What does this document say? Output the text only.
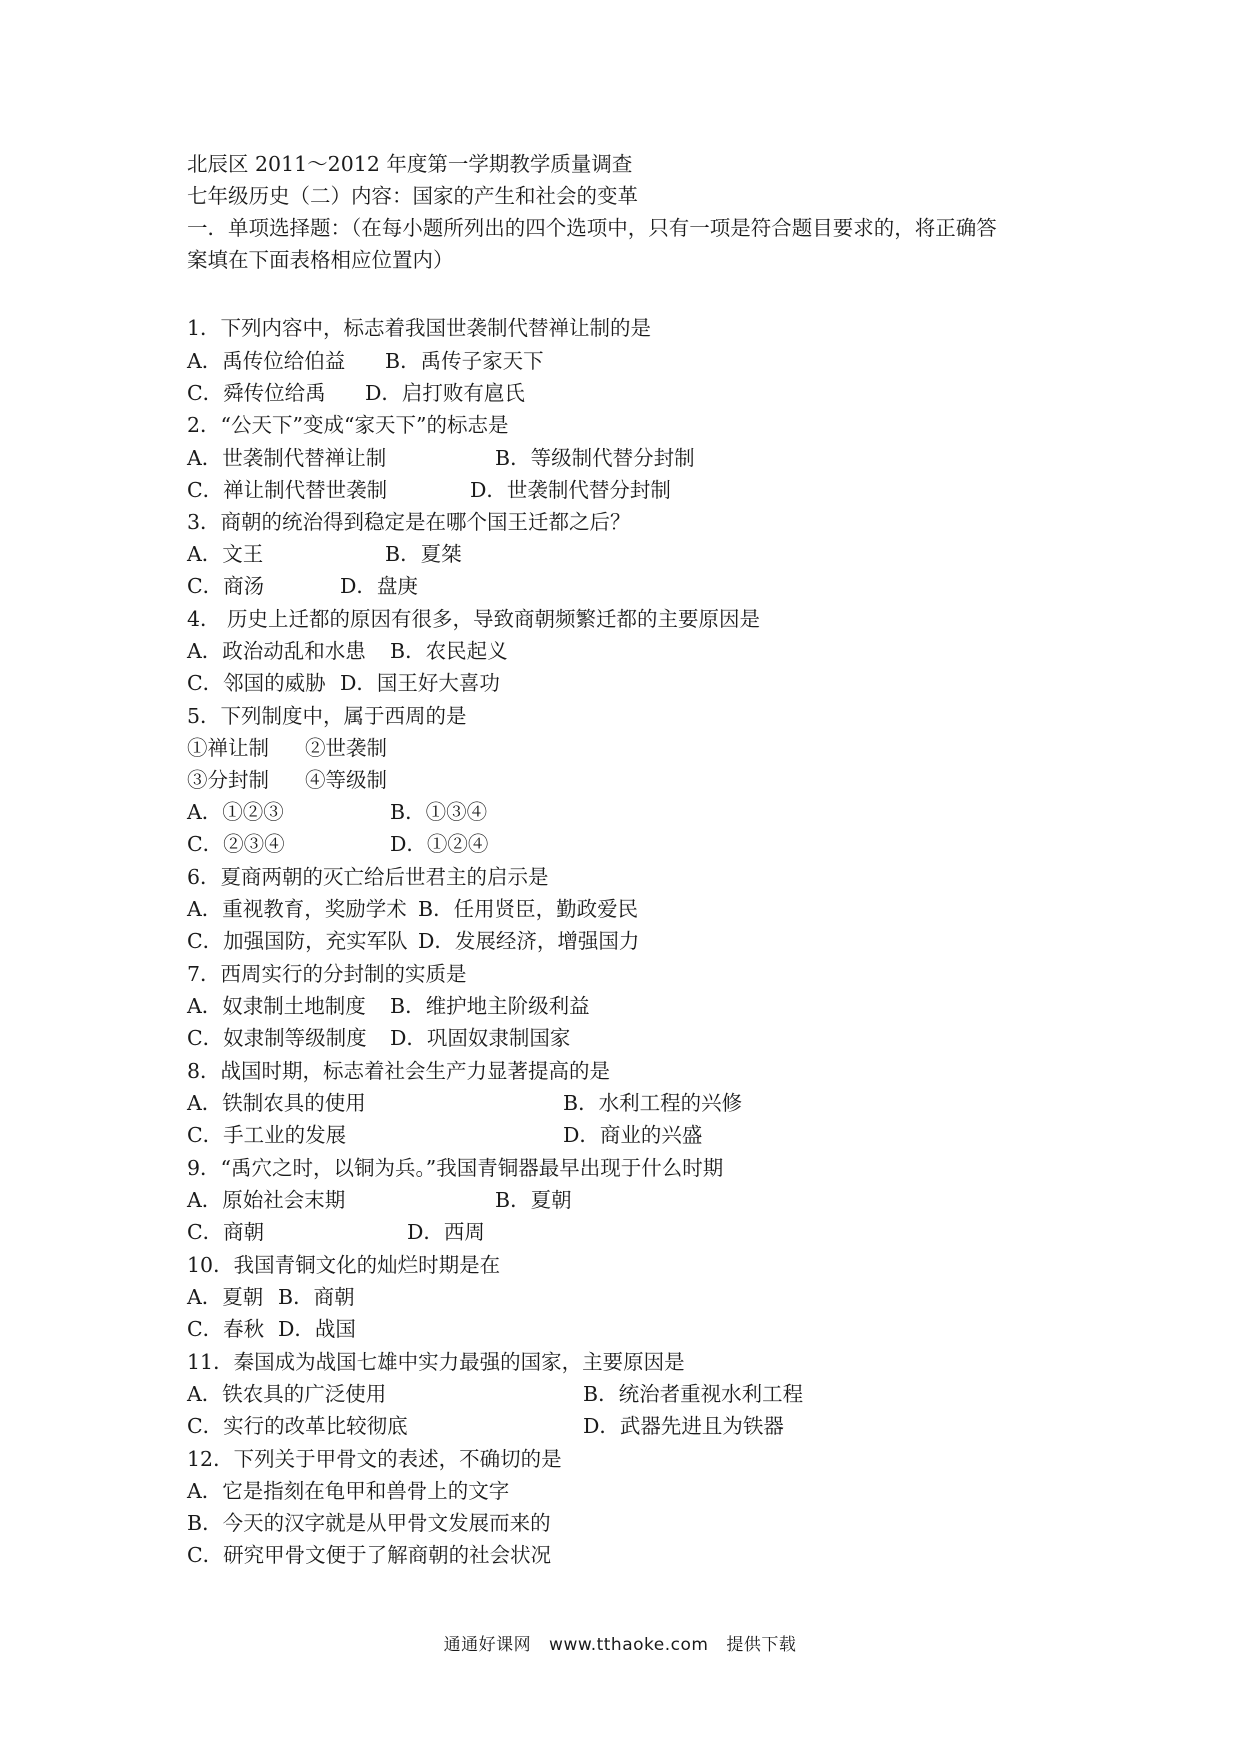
北辰区 2011～2012 年度第一学期教学质量调查
七年级历史（二）内容：国家的产生和社会的变革
一．单项选择题：（在每小题所列出的四个选项中，只有一项是符合题目要求的，将正确答
案填在下面表格相应位置内）
1．下列内容中，标志着我国世袭制代替禅让制的是
A．禹传位给伯益 B．禹传子家天下
C．舜传位给禹 D．启打败有扈氏
2．“公天下”变成“家天下”的标志是
A．世袭制代替禅让制	B．等级制代替分封制
C．禅让制代替世袭制	D．世袭制代替分封制
3．商朝的统治得到稳定是在哪个国王迁都之后？
A．文王	B．夏桀
C．商汤	D．盘庚
4． 历史上迁都的原因有很多，导致商朝频繁迁都的主要原因是
A．政治动乱和水患 B．农民起义
C．邻国的威胁 D．国王好大喜功
5．下列制度中，属于西周的是
①禅让制 ②世袭制
③分封制 ④等级制
A．①②③	B．①③④
C．②③④	D．①②④
6．夏商两朝的灭亡给后世君主的启示是
A．重视教育，奖励学术 B．任用贤臣，勤政爱民
C．加强国防，充实军队 D．发展经济，增强国力
7．西周实行的分封制的实质是
A．奴隶制土地制度 B．维护地主阶级利益
C．奴隶制等级制度 D．巩固奴隶制国家
8．战国时期，标志着社会生产力显著提高的是
A．铁制农具的使用	B．水利工程的兴修
C．手工业的发展	D．商业的兴盛
9．“禹穴之时，以铜为兵。”我国青铜器最早出现于什么时期
A．原始社会末期	B．夏朝
C．商朝	D．西周
10．我国青铜文化的灿烂时期是在
A．夏朝 B．商朝
C．春秋 D．战国
11．秦国成为战国七雄中实力最强的国家，主要原因是
A．铁农具的广泛使用	B．统治者重视水利工程
C．实行的改革比较彻底	D．武器先进且为铁器
12．下列关于甲骨文的表述，不确切的是
A．它是指刻在龟甲和兽骨上的文字
B．今天的汉字就是从甲骨文发展而来的
C．研究甲骨文便于了解商朝的社会状况
通通好课网 www.tthaoke.com 提供下载
